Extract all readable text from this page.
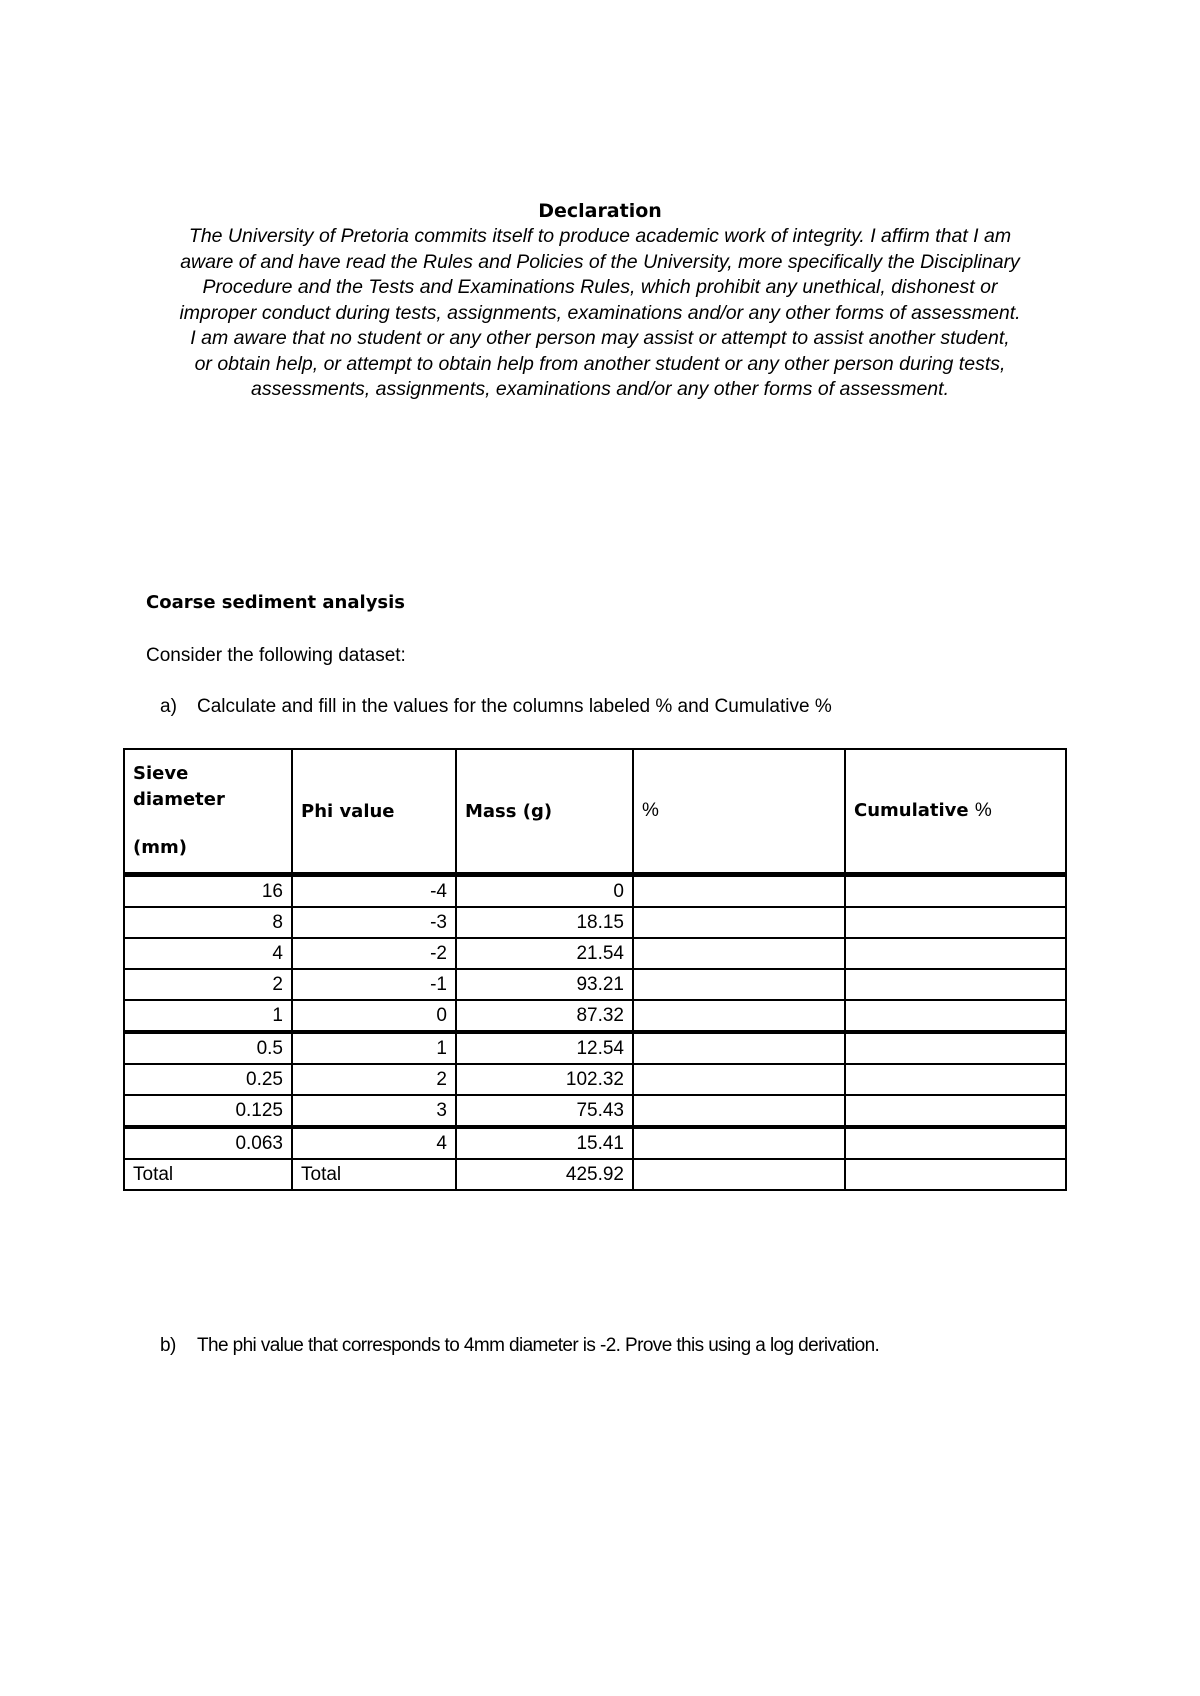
Declaration
The University of Pretoria commits itself to produce academic work of integrity. I affirm that I am
aware of and have read the Rules and Policies of the University, more specifically the Disciplinary
Procedure and the Tests and Examinations Rules, which prohibit any unethical, dishonest or
improper conduct during tests, assignments, examinations and/or any other forms of assessment.
I am aware that no student or any other person may assist or attempt to assist another student,
or obtain help, or attempt to obtain help from another student or any other person during tests,
assessments, assignments, examinations and/or any other forms of assessment.
Coarse sediment analysis
Consider the following dataset:
a) Calculate and fill in the values for the columns labeled % and Cumulative %
Sieve
diameter
(mm)	Phi value	Mass (g)	%	Cumulative %
16	-4	0		
8	-3	18.15		
4	-2	21.54		
2	-1	93.21		
1	0	87.32		
0.5	1	12.54		
0.25	2	102.32		
0.125	3	75.43		
0.063	4	15.41		
Total	Total	425.92		
b) The phi value that corresponds to 4mm diameter is -2. Prove this using a log derivation.
